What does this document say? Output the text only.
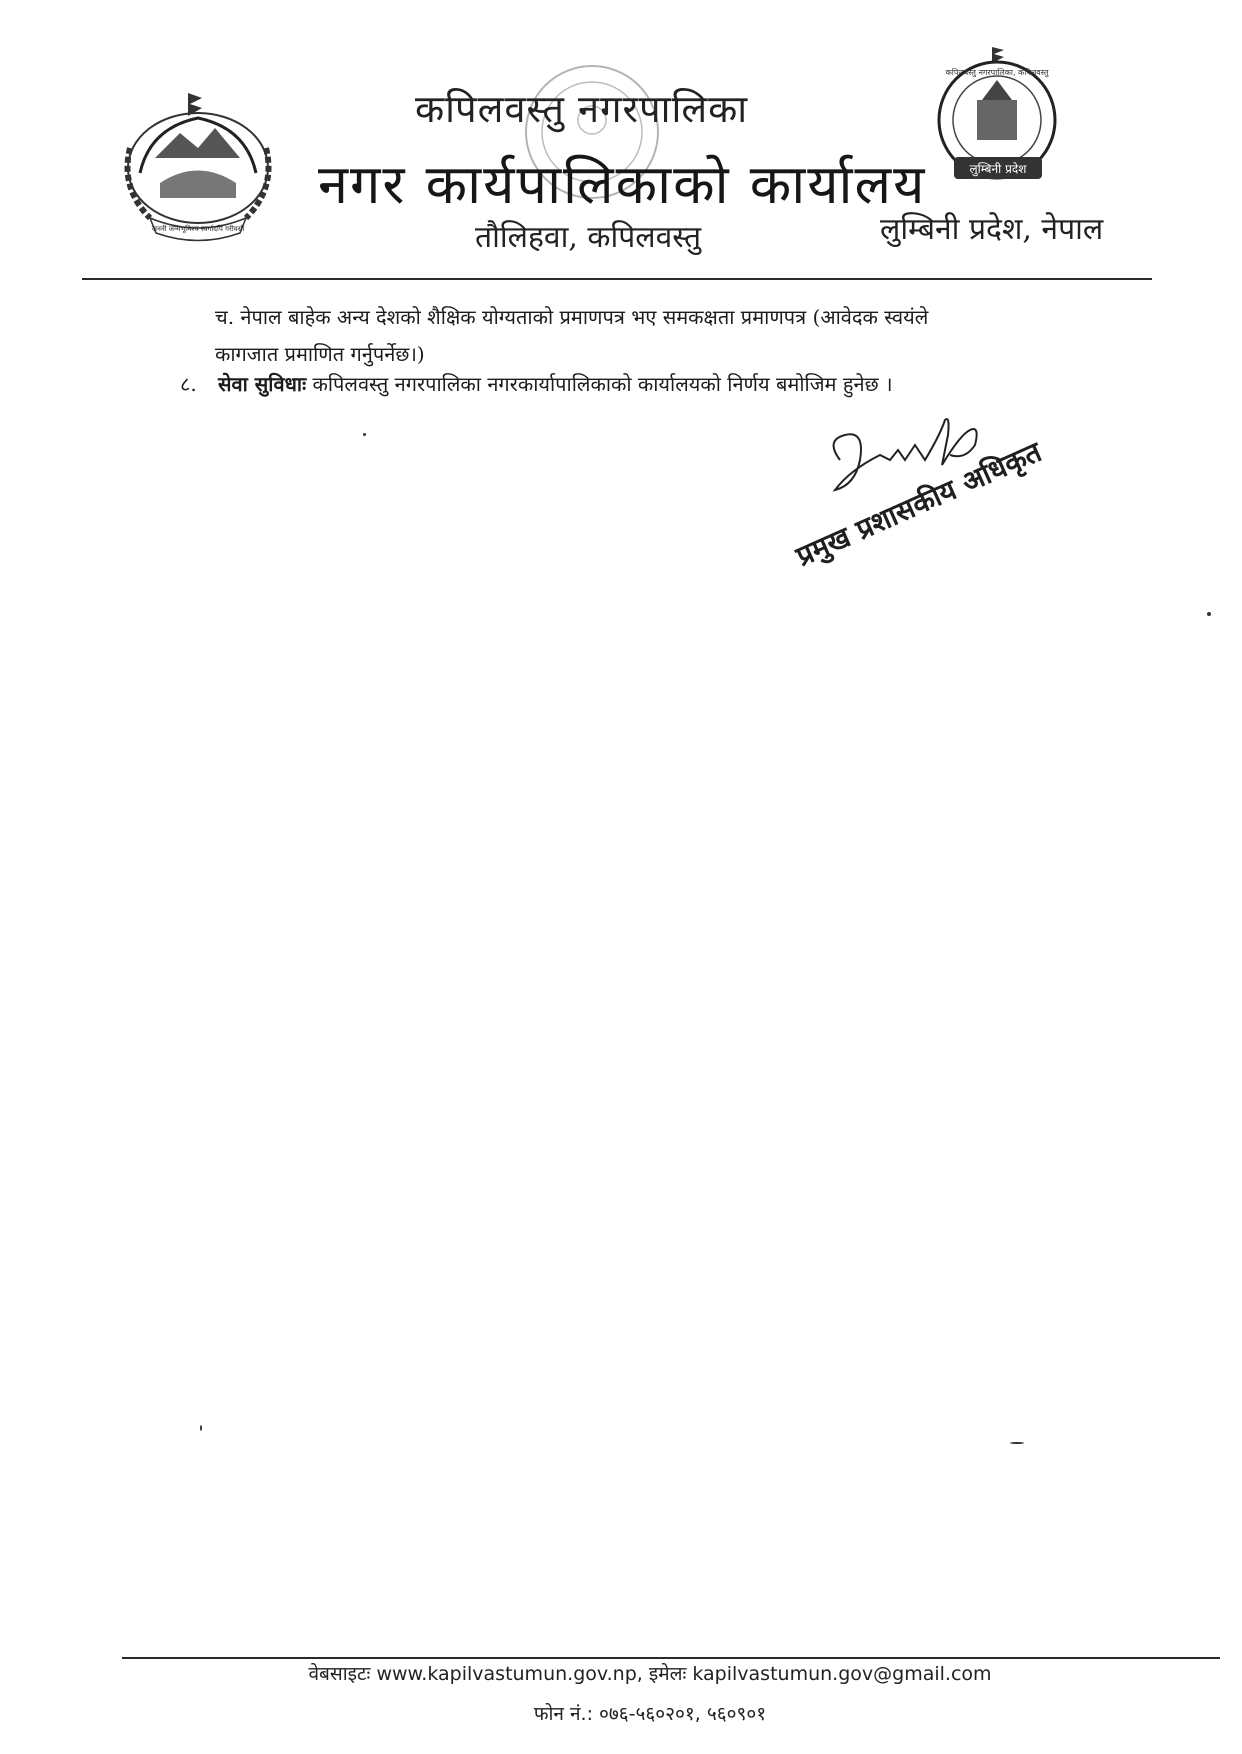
जननी जन्मभूमिश्च स्वर्गादपि गरीयसी
कपिलवस्तु नगरपालिका
नगर कार्यपालिकाको कार्यालय
तौलिहवा, कपिलवस्तु	लुम्बिनी प्रदेश, नेपाल
लुम्बिनी प्रदेश
कपिलवस्तु नगरपालिका, कपिलवस्तु
च. नेपाल बाहेक अन्य देशको शैक्षिक योग्यताको प्रमाणपत्र भए समकक्षता प्रमाणपत्र (आवेदक स्वयंले
कागजात प्रमाणित गर्नुपर्नेछ।)
८. सेवा सुविधाः कपिलवस्तु नगरपालिका नगरकार्यापालिकाको कार्यालयको निर्णय बमोजिम हुनेछ ।
प्रमुख प्रशासकीय अधिकृत
वेबसाइटः www.kapilvastumun.gov.np, इमेलः kapilvastumun.gov@gmail.com
फोन नं.: ०७६-५६०२०१, ५६०९०१
